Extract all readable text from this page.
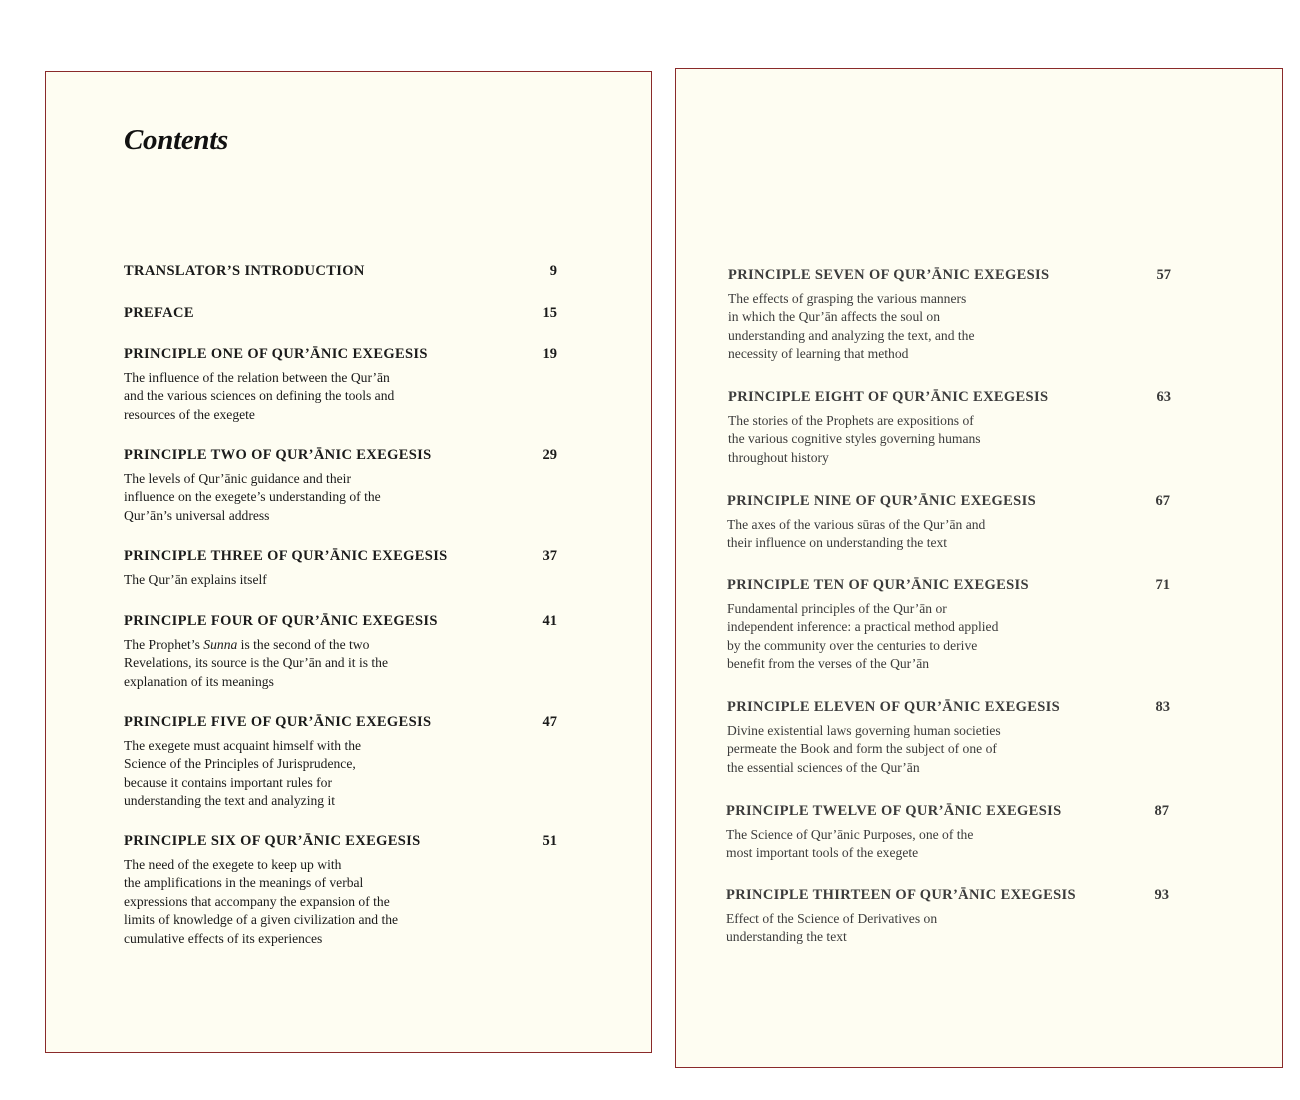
Contents
TRANSLATOR’S INTRODUCTION	9
PREFACE	15
PRINCIPLE ONE OF QUR’ĀNIC EXEGESIS	19

The influence of the relation between the Qur’ān
and the various sciences on defining the tools and
resources of the exegete

PRINCIPLE TWO OF QUR’ĀNIC EXEGESIS	29

The levels of Qur’ānic guidance and their
influence on the exegete’s understanding of the
Qur’ān’s universal address

PRINCIPLE THREE OF QUR’ĀNIC EXEGESIS	37

The Qur’ān explains itself

PRINCIPLE FOUR OF QUR’ĀNIC EXEGESIS	41

The Prophet’s Sunna is the second of the two
Revelations, its source is the Qur’ān and it is the
explanation of its meanings

PRINCIPLE FIVE OF QUR’ĀNIC EXEGESIS	47

The exegete must acquaint himself with the
Science of the Principles of Jurisprudence,
because it contains important rules for
understanding the text and analyzing it

PRINCIPLE SIX OF QUR’ĀNIC EXEGESIS	51

The need of the exegete to keep up with
the amplifications in the meanings of verbal
expressions that accompany the expansion of the
limits of knowledge of a given civilization and the
cumulative effects of its experiences

PRINCIPLE SEVEN OF QUR’ĀNIC EXEGESIS	57

The effects of grasping the various manners
in which the Qur’ān affects the soul on
understanding and analyzing the text, and the
necessity of learning that method

PRINCIPLE EIGHT OF QUR’ĀNIC EXEGESIS	63

The stories of the Prophets are expositions of
the various cognitive styles governing humans
throughout history

PRINCIPLE NINE OF QUR’ĀNIC EXEGESIS	67

The axes of the various sūras of the Qur’ān and
their influence on understanding the text

PRINCIPLE TEN OF QUR’ĀNIC EXEGESIS	71

Fundamental principles of the Qur’ān or
independent inference: a practical method applied
by the community over the centuries to derive
benefit from the verses of the Qur’ān

PRINCIPLE ELEVEN OF QUR’ĀNIC EXEGESIS	83

Divine existential laws governing human societies
permeate the Book and form the subject of one of
the essential sciences of the Qur’ān

PRINCIPLE TWELVE OF QUR’ĀNIC EXEGESIS	87

The Science of Qur’ānic Purposes, one of the
most important tools of the exegete

PRINCIPLE THIRTEEN OF QUR’ĀNIC EXEGESIS	93

Effect of the Science of Derivatives on
understanding the text
